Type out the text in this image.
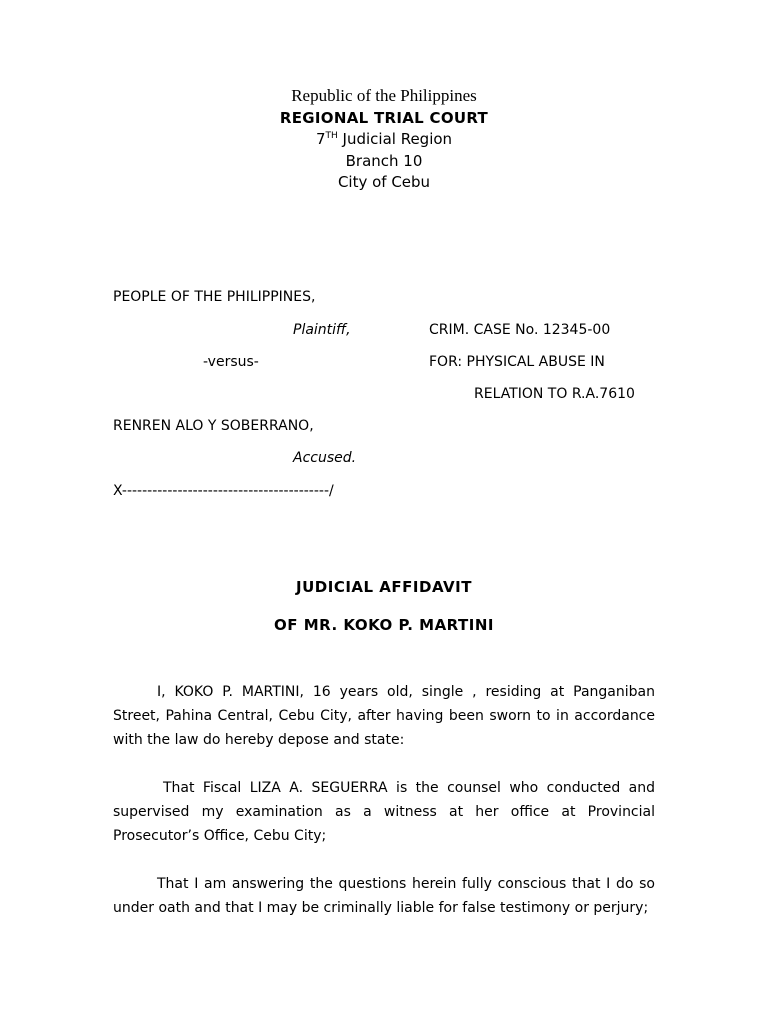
Republic of the Philippines
REGIONAL TRIAL COURT
7TH Judicial Region
Branch 10
City of Cebu
PEOPLE OF THE PHILIPPINES,
Plaintiff,	CRIM. CASE No. 12345-00
-versus-	FOR: PHYSICAL ABUSE IN
RELATION TO R.A.7610
RENREN ALO Y SOBERRANO,
Accused.
X-----------------------------------------/
JUDICIAL AFFIDAVIT
OF MR. KOKO P. MARTINI
I, KOKO P. MARTINI, 16 years old, single , residing at Panganiban Street, Pahina Central, Cebu City, after having been sworn to in accordance with the law do hereby depose and state:
That Fiscal LIZA A. SEGUERRA is the counsel who conducted and supervised my examination as a witness at her office at Provincial Prosecutor’s Office, Cebu City;
That I am answering the questions herein fully conscious that I do so under oath and that I may be criminally liable for false testimony or perjury;
